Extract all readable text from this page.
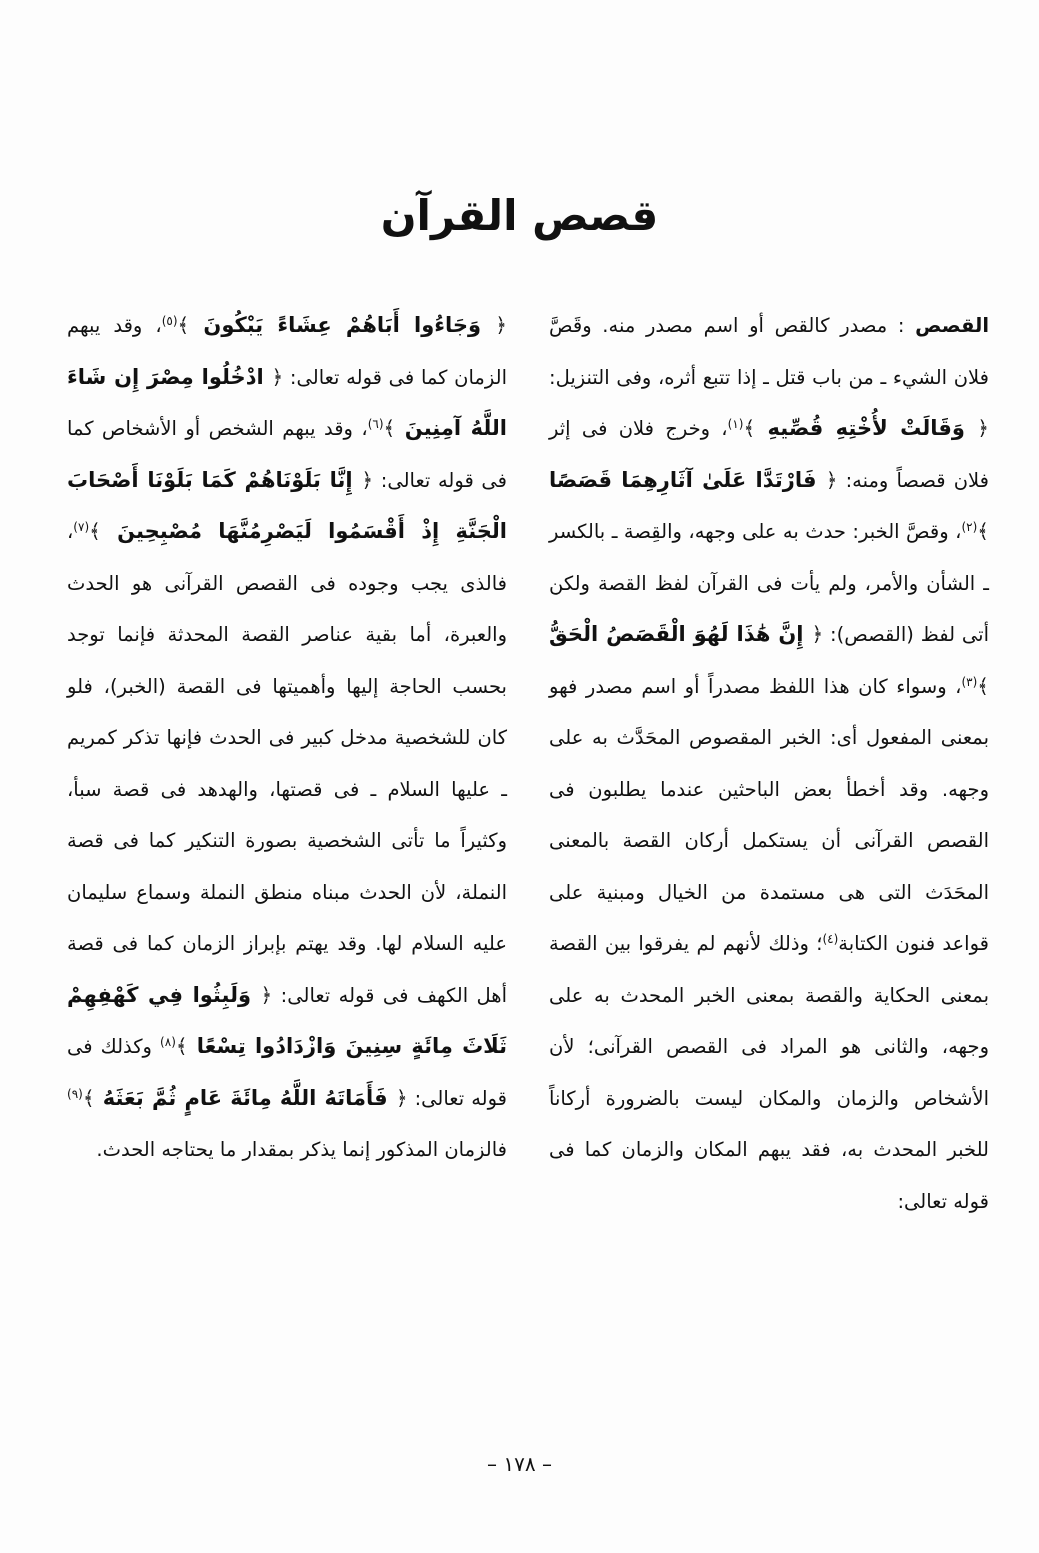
قصص القرآن

القصص : مصدر كالقص أو اسم مصدر منه. وقَصَّ فلان الشيء ـ من باب قتل ـ إذا تتبع أثره، وفى التنزيل: ﴿ وَقَالَتْ لأُخْتِهِ قُصِّيهِ ﴾$^{(١)}$، وخرج فلان فى إثر فلان قصصاً ومنه: ﴿ فَارْتَدَّا عَلَىٰ آثَارِهِمَا قَصَصًا ﴾$^{(٢)}$، وقصَّ الخبر: حدث به على وجهه، والقِصة ـ بالكسر ـ الشأن والأمر، ولم يأت فى القرآن لفظ القصة ولكن أتى لفظ (القصص): ﴿ إِنَّ هَٰذَا لَهُوَ الْقَصَصُ الْحَقُّ ﴾$^{(٣)}$، وسواء كان هذا اللفظ مصدراً أو اسم مصدر فهو بمعنى المفعول أى: الخبر المقصوص المحَدَّث به على وجهه. وقد أخطأ بعض الباحثين عندما يطلبون فى القصص القرآنى أن يستكمل أركان القصة بالمعنى المحَدَث التى هى مستمدة من الخيال ومبنية على قواعد فنون الكتابة$^{(٤)}$؛ وذلك لأنهم لم يفرقوا بين القصة بمعنى الحكاية والقصة بمعنى الخبر المحدث به على وجهه، والثانى هو المراد فى القصص القرآنى؛ لأن الأشخاص والزمان والمكان ليست بالضرورة أركاناً للخبر المحدث به، فقد يبهم المكان والزمان كما فى قوله تعالى:

﴿ وَجَاءُوا أَبَاهُمْ عِشَاءً يَبْكُونَ ﴾$^{(٥)}$، وقد يبهم الزمان كما فى قوله تعالى: ﴿ ادْخُلُوا مِصْرَ إِن شَاءَ اللَّهُ آمِنِينَ ﴾$^{(٦)}$، وقد يبهم الشخص أو الأشخاص كما فى قوله تعالى: ﴿ إِنَّا بَلَوْنَاهُمْ كَمَا بَلَوْنَا أَصْحَابَ الْجَنَّةِ إِذْ أَقْسَمُوا لَيَصْرِمُنَّهَا مُصْبِحِينَ ﴾$^{(٧)}$، فالذى يجب وجوده فى القصص القرآنى هو الحدث والعبرة، أما بقية عناصر القصة المحدثة فإنما توجد بحسب الحاجة إليها وأهميتها فى القصة (الخبر)، فلو كان للشخصية مدخل كبير فى الحدث فإنها تذكر كمريم ـ عليها السلام ـ فى قصتها، والهدهد فى قصة سبأ، وكثيراً ما تأتى الشخصية بصورة التنكير كما فى قصة النملة، لأن الحدث مبناه منطق النملة وسماع سليمان عليه السلام لها. وقد يهتم بإبراز الزمان كما فى قصة أهل الكهف فى قوله تعالى: ﴿ وَلَبِثُوا فِي كَهْفِهِمْ ثَلَاثَ مِائَةٍ سِنِينَ وَازْدَادُوا تِسْعًا ﴾$^{(٨)}$ وكذلك فى قوله تعالى: ﴿ فَأَمَاتَهُ اللَّهُ مِائَةَ عَامٍ ثُمَّ بَعَثَهُ ﴾$^{(٩)}$ فالزمان المذكور إنما يذكر بمقدار ما يحتاجه الحدث.

– ١٧٨ –
